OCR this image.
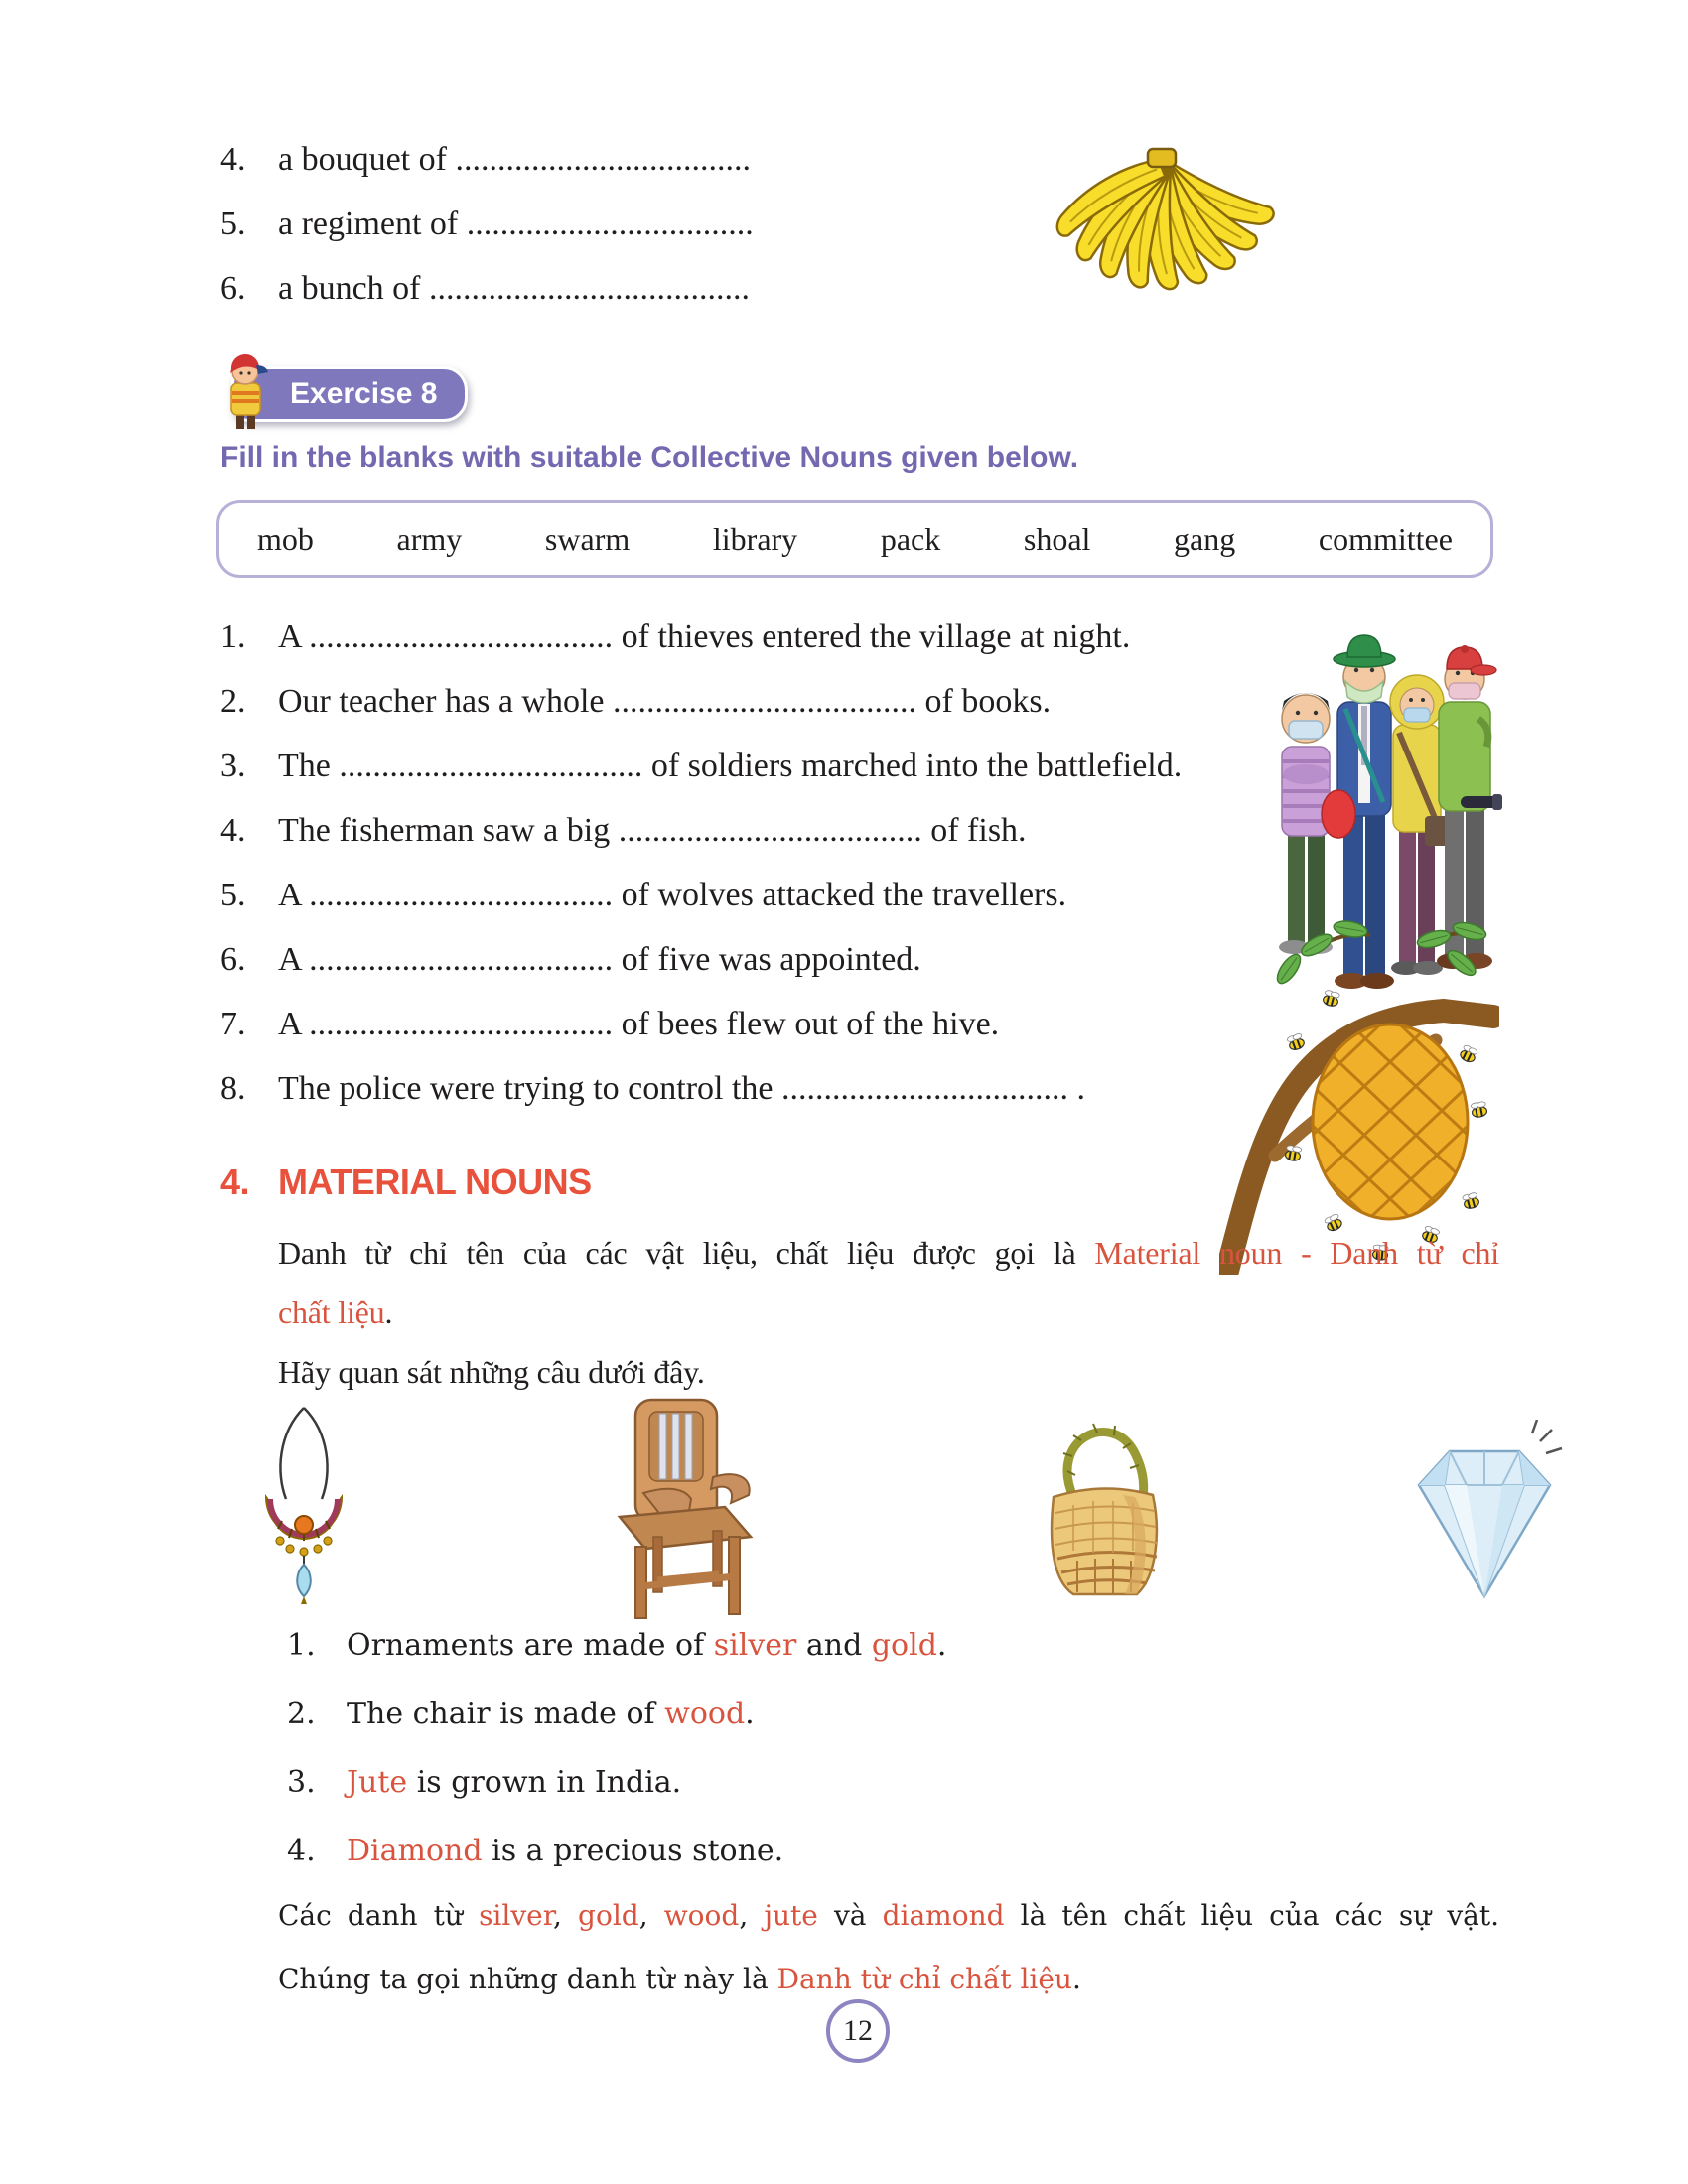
4. a bouquet of ...................................
5. a regiment of ..................................
6. a bunch of ......................................
Exercise 8
Fill in the blanks with suitable Collective Nouns given below.
mob	army	swarm	library	pack	shoal	gang	committee
1. A .................................... of thieves entered the village at night.
2. Our teacher has a whole .................................... of books.
3. The .................................... of soldiers marched into the battlefield.
4. The fisherman saw a big .................................... of fish.
5. A .................................... of wolves attacked the travellers.
6. A .................................... of five was appointed.
7. A .................................... of bees flew out of the hive.
8. The police were trying to control the .................................. .
4. MATERIAL NOUNS
Danh từ chỉ tên của các vật liệu, chất liệu được gọi là Material noun - Danh từ chỉ
chất liệu.
Hãy quan sát những câu dưới đây.
1.	Ornaments are made of silver and gold.
2.	The chair is made of wood.
3.	Jute is grown in India.
4.	Diamond is a precious stone.
Các danh từ silver, gold, wood, jute và diamond là tên chất liệu của các sự vật.
Chúng ta gọi những danh từ này là Danh từ chỉ chất liệu.
12
